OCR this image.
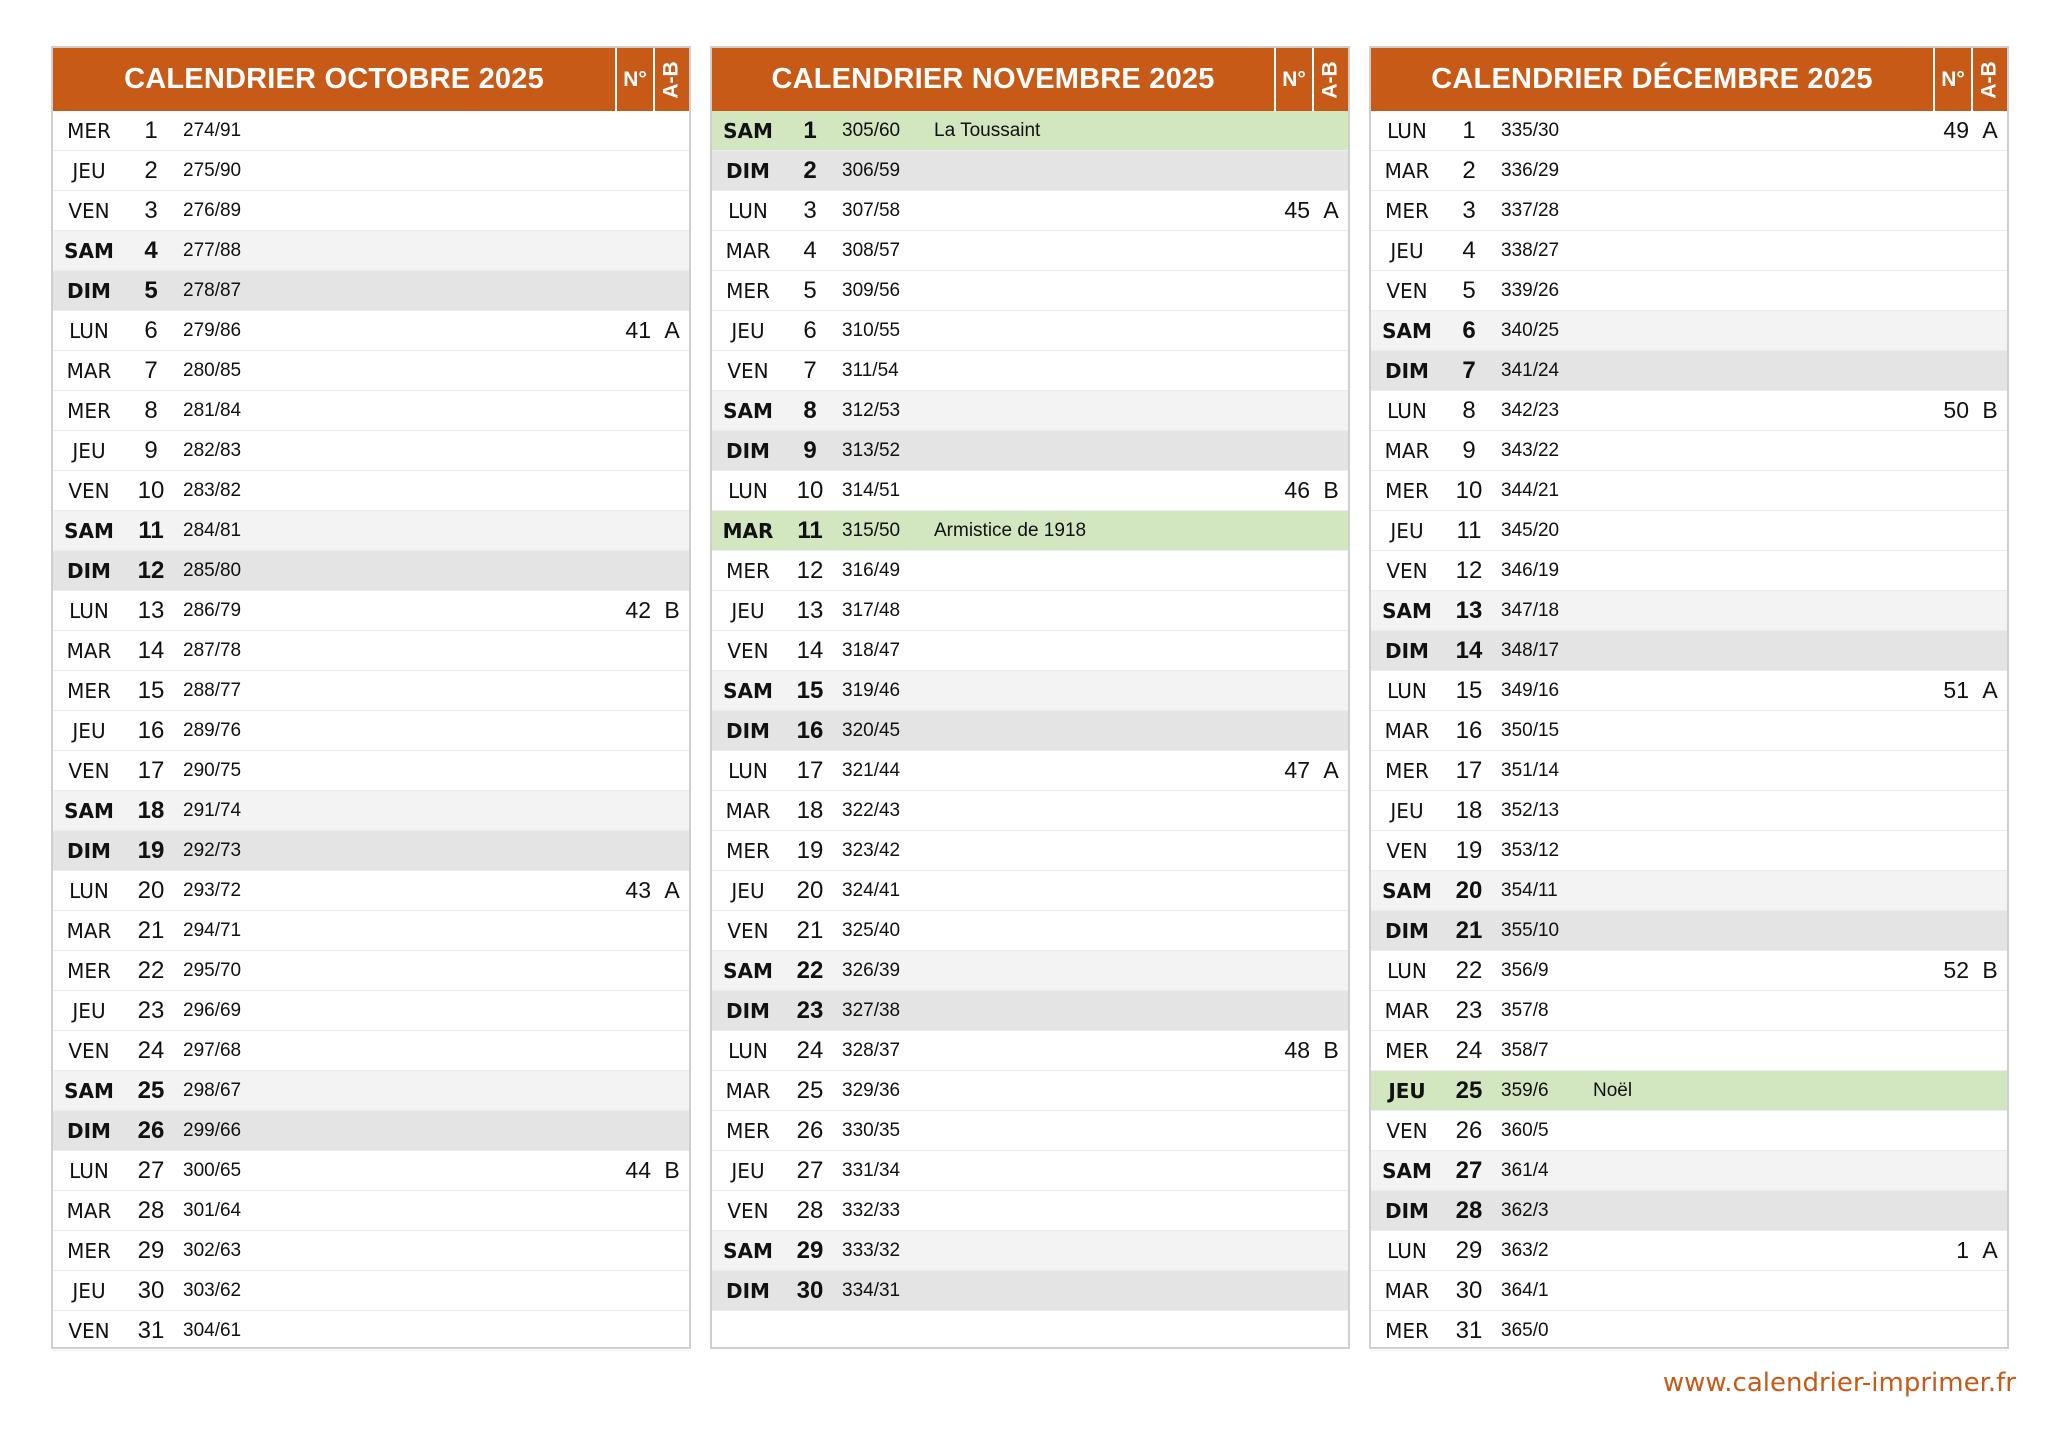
CALENDRIER OCTOBRE 2025	N° A-B
MER	1	274/91
JEU	2	275/90
VEN	3	276/89
SAM	4	277/88
DIM	5	278/87
LUN	6	279/86	41 A
MAR	7	280/85
MER	8	281/84
JEU	9	282/83
VEN	10 283/82
SAM	11	284/81
DIM	12 285/80
LUN	13 286/79	42 B
MAR	14 287/78
MER	15 288/77
JEU	16 289/76
VEN	17 290/75
SAM 18 291/74
DIM	19 292/73
LUN	20 293/72	43 A
MAR	21 294/71
MER	22 295/70
JEU	23 296/69
VEN	24 297/68
SAM 25 298/67
DIM	26 299/66
LUN	27 300/65	44 B
MAR	28 301/64
MER	29 302/63
JEU	30 303/62
VEN	31 304/61
CALENDRIER NOVEMBRE 2025	N° A-B
SAM	1	305/60	La Toussaint
DIM	2	306/59
LUN	3	307/58	45 A
MAR	4	308/57
MER	5	309/56
JEU	6	310/55
VEN	7	311/54
SAM	8	312/53
DIM	9	313/52
LUN	10 314/51	46 B
MAR 11	315/50	Armistice de 1918
MER	12 316/49
JEU	13 317/48
VEN	14 318/47
SAM 15 319/46
DIM	16 320/45
LUN	17 321/44	47 A
MAR	18 322/43
MER	19 323/42
JEU	20 324/41
VEN	21 325/40
SAM 22 326/39
DIM	23 327/38
LUN	24 328/37	48 B
MAR	25 329/36
MER	26 330/35
JEU	27 331/34
VEN	28 332/33
SAM 29 333/32
DIM	30 334/31
CALENDRIER DÉCEMBRE 2025	N° A-B
LUN	1	335/30	49 A
MAR	2	336/29
MER	3	337/28
JEU	4	338/27
VEN	5	339/26
SAM	6	340/25
DIM	7	341/24
LUN	8	342/23	50 B
MAR	9	343/22
MER	10 344/21
JEU	11	345/20
VEN	12 346/19
SAM 13 347/18
DIM	14 348/17
LUN	15 349/16	51 A
MAR	16 350/15
MER	17 351/14
JEU	18 352/13
VEN	19 353/12
SAM 20 354/11
DIM	21 355/10
LUN	22 356/9	52 B
MAR	23 357/8
MER	24 358/7
JEU	25 359/6	Noël
VEN	26 360/5
SAM 27 361/4
DIM	28 362/3
LUN	29 363/2	1 A
MAR	30 364/1
MER	31 365/0
www.calendrier-imprimer.fr
